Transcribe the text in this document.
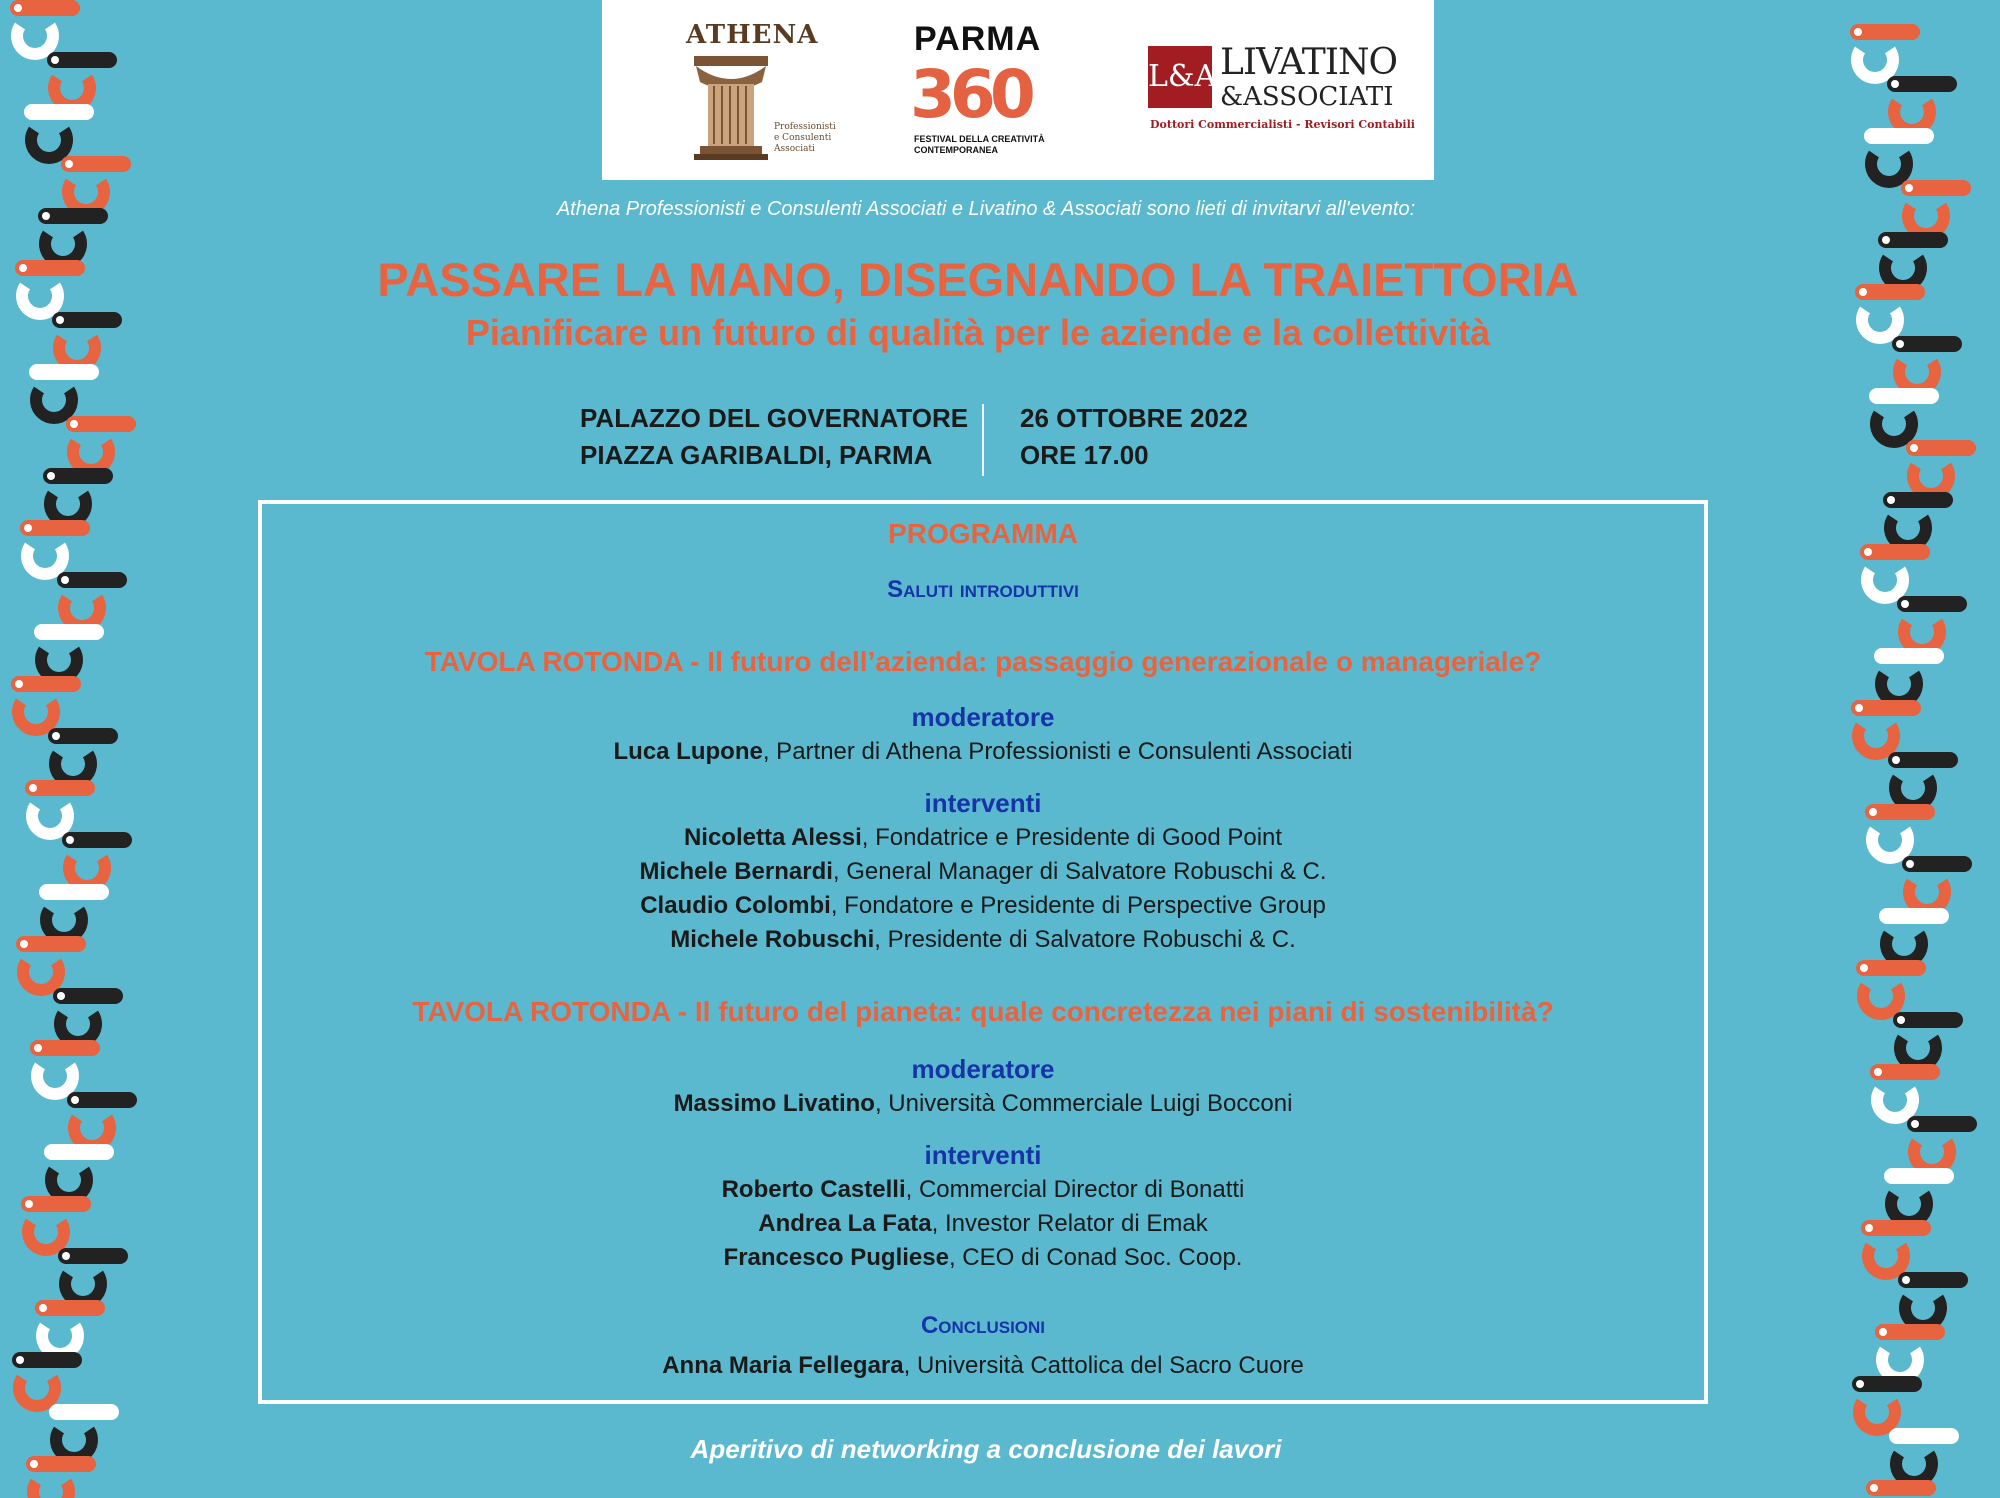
ATHENA
Professionisti e Consulenti Associati
PARMA
360
FESTIVAL DELLA CREATIVITÀ CONTEMPORANEA
L&A LIVATINO
&ASSOCIATI
Dottori Commercialisti - Revisori Contabili
Athena Professionisti e Consulenti Associati e Livatino & Associati sono lieti di invitarvi all'evento:
PASSARE LA MANO, DISEGNANDO LA TRAIETTORIA
Pianificare un futuro di qualità per le aziende e la collettività
PALAZZO DEL GOVERNATORE
PIAZZA GARIBALDI, PARMA
26 OTTOBRE 2022
ORE 17.00
PROGRAMMA
Saluti introduttivi
TAVOLA ROTONDA - Il futuro dell’azienda: passaggio generazionale o manageriale?
moderatore
Luca Lupone, Partner di Athena Professionisti e Consulenti Associati
interventi
Nicoletta Alessi, Fondatrice e Presidente di Good Point
Michele Bernardi, General Manager di Salvatore Robuschi & C.
Claudio Colombi, Fondatore e Presidente di Perspective Group
Michele Robuschi, Presidente di Salvatore Robuschi & C.
TAVOLA ROTONDA - Il futuro del pianeta: quale concretezza nei piani di sostenibilità?
moderatore
Massimo Livatino, Università Commerciale Luigi Bocconi
interventi
Roberto Castelli, Commercial Director di Bonatti
Andrea La Fata, Investor Relator di Emak
Francesco Pugliese, CEO di Conad Soc. Coop.
Conclusioni
Anna Maria Fellegara, Università Cattolica del Sacro Cuore
Aperitivo di networking a conclusione dei lavori
